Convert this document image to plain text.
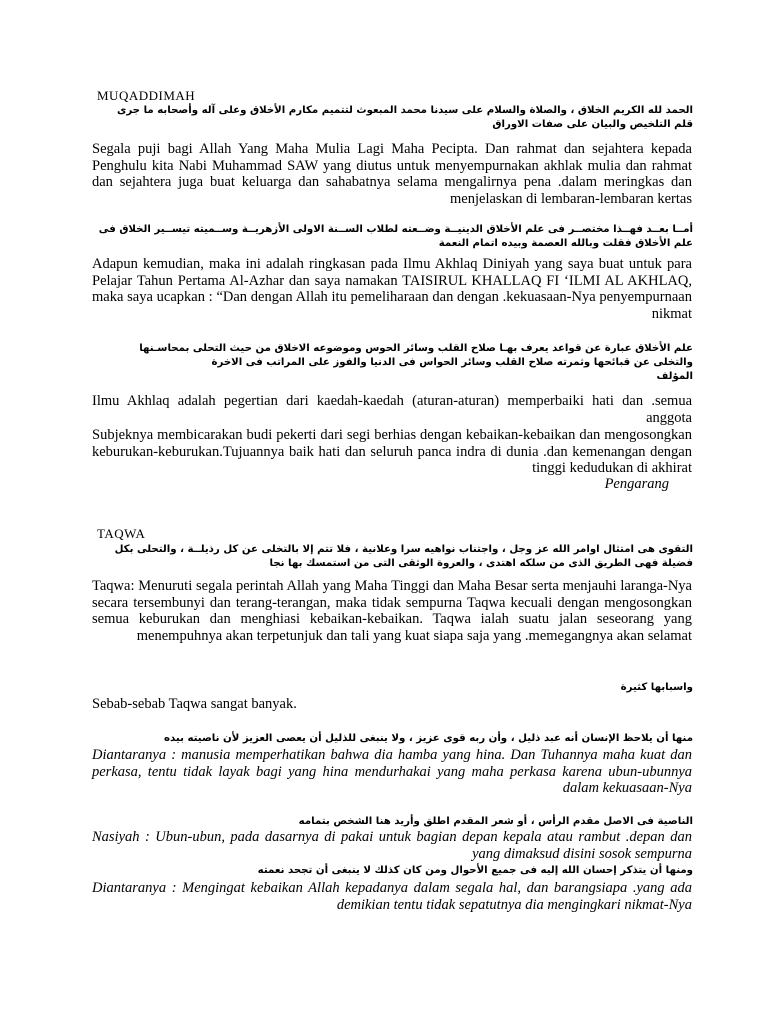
MUQADDIMAH
الحمد لله الكريم الخلاق ، والصلاة والسلام على سيدنا محمد المبعوث لتتميم مكارم الأخلاق وعلى آله وأصحابه ما جرى
قلم التلخيص والبيان على صفات الاوراق
Segala puji bagi Allah Yang Maha Mulia Lagi Maha Pecipta. Dan rahmat dan sejahtera kepada Penghulu kita Nabi Muhammad SAW yang diutus untuk menyempurnakan akhlak mulia dan rahmat dan sejahtera juga buat keluarga dan sahabatnya selama mengalirnya pena .dalam meringkas dan menjelaskan di lembaran-lembaran kertas
أمــا بعــد فهــذا مختصــر فى علم الأخلاق الدينيــة وضــعته لطلاب الســنة الاولى الأزهريــة وســميته تيســير الخلاق فى
علم الأخلاق فقلت وبالله العصمة وبيده اتمام النعمة
Adapun kemudian, maka ini adalah ringkasan pada Ilmu Akhlaq Diniyah yang saya buat untuk para Pelajar Tahun Pertama Al-Azhar dan saya namakan TAISIRUL KHALLAQ FI ‘ILMI AL AKHLAQ, maka saya ucapkan : “Dan dengan Allah itu pemeliharaan dan dengan .kekuasaan-Nya penyempurnaan nikmat
علم الأخلاق عبارة عن قواعد يعرف بهـا صلاح القلب وسائر الحوس وموضوعه الاخلاق من حيث التحلى بمحاسـنها
والتخلى عن قبائحها وثمرته صلاح القلب وسائر الحواس فى الدنيا والفوز على المراتب فى الاخرة
المؤلف
Ilmu Akhlaq adalah pegertian dari kaedah-kaedah (aturan-aturan) memperbaiki hati dan .semua anggota
Subjeknya membicarakan budi pekerti dari segi berhias dengan kebaikan-kebaikan dan mengosongkan keburukan-keburukan.Tujuannya baik hati dan seluruh panca indra di dunia .dan kemenangan dengan tinggi kedudukan di akhirat
Pengarang
TAQWA
التقوى هى امتثال اوامر الله عز وجل ، واجتناب نواهيه سرا وعلانية ، فلا تتم إلا بالتخلى عن كل رذيلــة ، والتحلى بكل
فضيلة فهى الطريق الذى من سلكه اهتدى ، والعروة الوثقى التى من استمسك بها نجا
Taqwa: Menuruti segala perintah Allah yang Maha Tinggi dan Maha Besar serta menjauhi laranga-Nya secara tersembunyi dan terang-terangan, maka tidak sempurna Taqwa kecuali dengan mengosongkan semua keburukan dan menghiasi kebaikan-kebaikan. Taqwa ialah suatu jalan seseorang yang menempuhnya akan terpetunjuk dan tali yang kuat siapa saja yang .memegangnya akan selamat
واسبابها كثيرة
Sebab-sebab Taqwa sangat banyak.
منها أن يلاحظ الإنسان أنه عبد ذليل ، وأن ربه قوى عزيز ، ولا ينبغى للذليل أن يعصى العزيز لأن ناصيته بيده
Diantaranya : manusia memperhatikan bahwa dia hamba yang hina. Dan Tuhannya maha kuat dan perkasa, tentu tidak layak bagi yang hina mendurhakai yang maha perkasa karena ubun-ubunnya dalam kekuasaan-Nya
الناصية فى الاصل مقدم الرأس ، أو شعر المقدم اطلق وأريد هنا الشخص بتمامه
Nasiyah : Ubun-ubun, pada dasarnya di pakai untuk bagian depan kepala atau rambut .depan dan yang dimaksud disini sosok sempurna
ومنها أن يتذكر إحسان الله إليه فى جميع الأحوال ومن كان كذلك لا ينبغى أن تجحد نعمته
Diantaranya : Mengingat kebaikan Allah kepadanya dalam segala hal, dan barangsiapa .yang ada demikian tentu tidak sepatutnya dia mengingkari nikmat-Nya
